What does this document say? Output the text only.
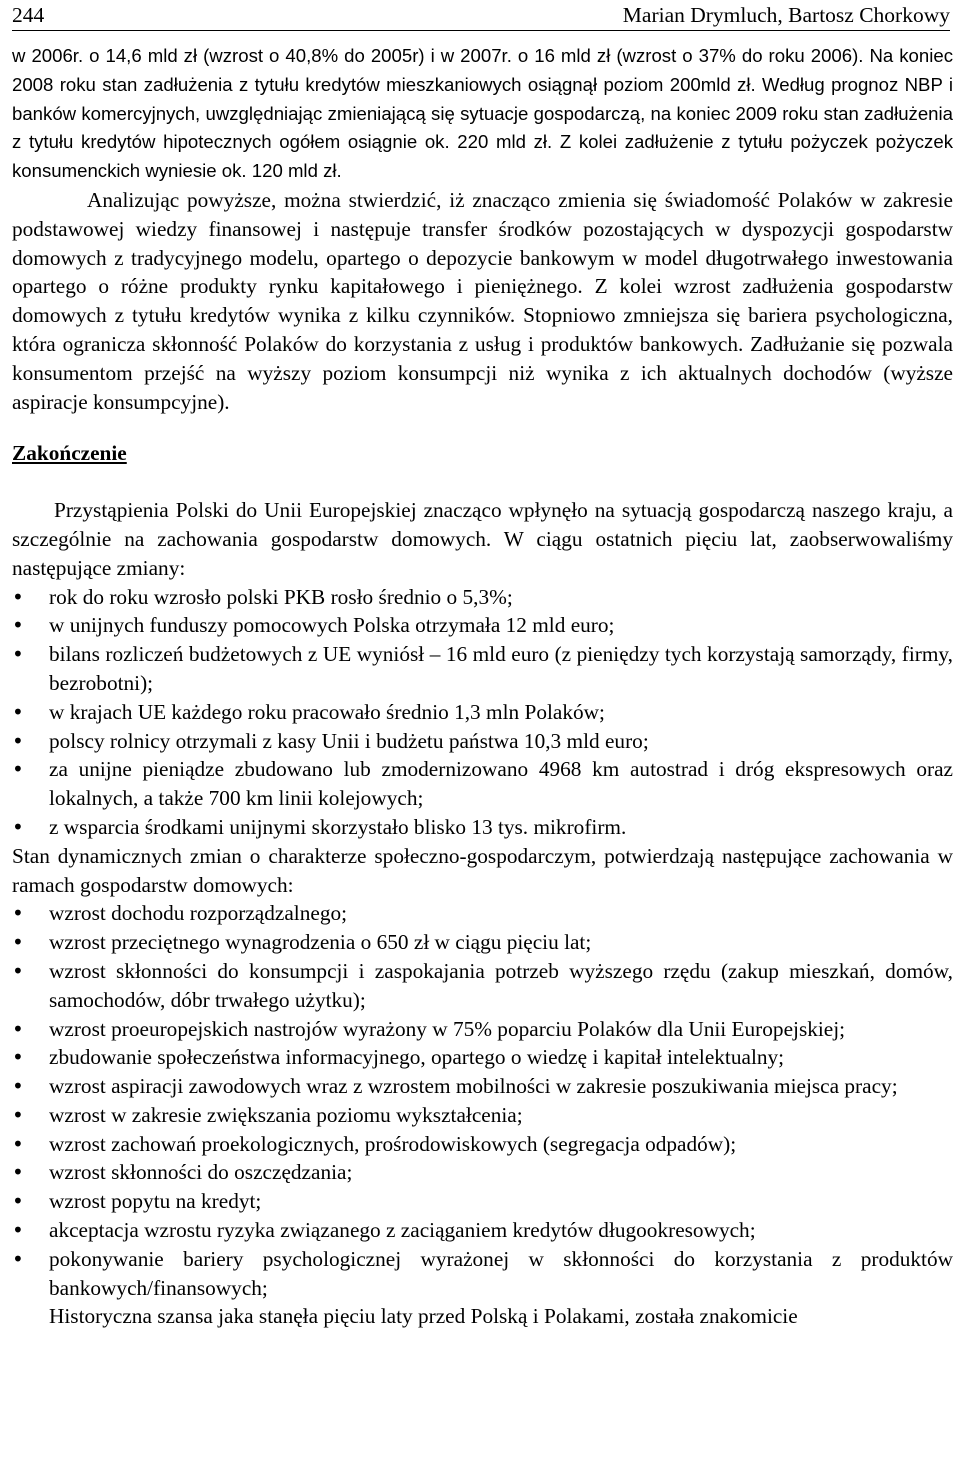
244	Marian Drymluch, Bartosz Chorkowy

w 2006r. o 14,6 mld zł (wzrost o 40,8% do 2005r) i w 2007r. o 16 mld zł (wzrost o 37% do roku 2006). Na koniec 2008 roku stan zadłużenia z tytułu kredytów mieszkaniowych osiągnął poziom 200mld zł. Według prognoz NBP i banków komercyjnych, uwzględniając zmieniającą się sytuacje gospodarczą, na koniec 2009 roku stan zadłużenia z tytułu kredytów hipotecznych ogółem osiągnie ok. 220 mld zł. Z kolei zadłużenie z tytułu pożyczek pożyczek konsumenckich wyniesie ok. 120 mld zł.

Analizując powyższe, można stwierdzić, iż znacząco zmienia się świadomość Polaków w zakresie podstawowej wiedzy finansowej i następuje transfer środków pozostających w dyspozycji gospodarstw domowych z tradycyjnego modelu, opartego o depozycie bankowym w model długotrwałego inwestowania opartego o różne produkty rynku kapitałowego i pieniężnego. Z kolei wzrost zadłużenia gospodarstw domowych z tytułu kredytów wynika z kilku czynników. Stopniowo zmniejsza się bariera psychologiczna, która ogranicza skłonność Polaków do korzystania z usług i produktów bankowych. Zadłużanie się pozwala konsumentom przejść na wyższy poziom konsumpcji niż wynika z ich aktualnych dochodów (wyższe aspiracje konsumpcyjne).

Zakończenie

Przystąpienia Polski do Unii Europejskiej znacząco wpłynęło na sytuacją gospodarczą naszego kraju, a szczególnie na zachowania gospodarstw domowych. W ciągu ostatnich pięciu lat, zaobserwowaliśmy następujące zmiany:

• rok do roku wzrosło polski PKB rosło średnio o 5,3%;
• w unijnych funduszy pomocowych Polska otrzymała 12 mld euro;
• bilans rozliczeń budżetowych z UE wyniósł – 16 mld euro (z pieniędzy tych korzystają samorządy, firmy, bezrobotni);
• w krajach UE każdego roku pracowało średnio 1,3 mln Polaków;
• polscy rolnicy otrzymali z kasy Unii i budżetu państwa 10,3 mld euro;
• za unijne pieniądze zbudowano lub zmodernizowano 4968 km autostrad i dróg ekspresowych oraz lokalnych, a także 700 km linii kolejowych;
• z wsparcia środkami unijnymi skorzystało blisko 13 tys. mikrofirm.

Stan dynamicznych zmian o charakterze społeczno-gospodarczym, potwierdzają następujące zachowania w ramach gospodarstw domowych:

• wzrost dochodu rozporządzalnego;
• wzrost przeciętnego wynagrodzenia o 650 zł w ciągu pięciu lat;
• wzrost skłonności do konsumpcji i zaspokajania potrzeb wyższego rzędu (zakup mieszkań, domów, samochodów, dóbr trwałego użytku);
• wzrost proeuropejskich nastrojów wyrażony w 75% poparciu Polaków dla Unii Europejskiej;
• zbudowanie społeczeństwa informacyjnego, opartego o wiedzę i kapitał intelektualny;
• wzrost aspiracji zawodowych wraz z wzrostem mobilności w zakresie poszukiwania miejsca pracy;
• wzrost w zakresie zwiększania poziomu wykształcenia;
• wzrost zachowań proekologicznych, prośrodowiskowych (segregacja odpadów);
• wzrost skłonności do oszczędzania;
• wzrost popytu na kredyt;
• akceptacja wzrostu ryzyka związanego z zaciąganiem kredytów długookresowych;
• pokonywanie bariery psychologicznej wyrażonej w skłonności do korzystania z produktów bankowych/finansowych;
Historyczna szansa jaka stanęła pięciu laty przed Polską i Polakami, została znakomicie
